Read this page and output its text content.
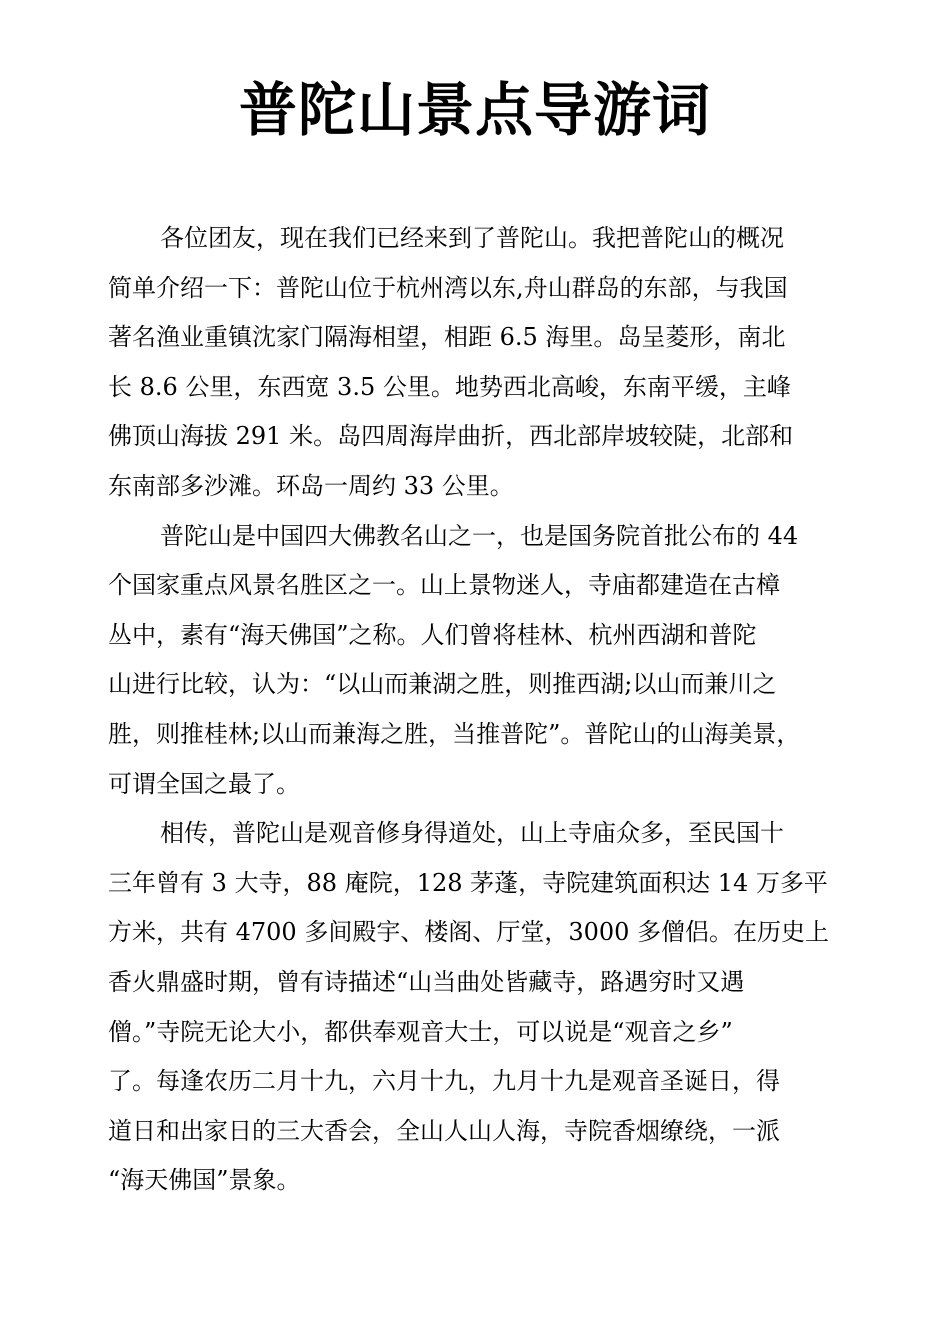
普陀山景点导游词

各位团友，现在我们已经来到了普陀山。我把普陀山的概况
简单介绍一下：普陀山位于杭州湾以东,舟山群岛的东部，与我国
著名渔业重镇沈家门隔海相望，相距 6.5 海里。岛呈菱形，南北
长 8.6 公里，东西宽 3.5 公里。地势西北高峻，东南平缓，主峰
佛顶山海拔 291 米。岛四周海岸曲折，西北部岸坡较陡，北部和
东南部多沙滩。环岛一周约 33 公里。

普陀山是中国四大佛教名山之一，也是国务院首批公布的 44
个国家重点风景名胜区之一。山上景物迷人，寺庙都建造在古樟
丛中，素有“海天佛国”之称。人们曾将桂林、杭州西湖和普陀
山进行比较，认为：“以山而兼湖之胜，则推西湖;以山而兼川之
胜，则推桂林;以山而兼海之胜，当推普陀”。普陀山的山海美景，
可谓全国之最了。

相传，普陀山是观音修身得道处，山上寺庙众多，至民国十
三年曾有 3 大寺，88 庵院，128 茅蓬，寺院建筑面积达 14 万多平
方米，共有 4700 多间殿宇、楼阁、厅堂，3000 多僧侣。在历史上
香火鼎盛时期，曾有诗描述“山当曲处皆藏寺，路遇穷时又遇
僧。”寺院无论大小，都供奉观音大士，可以说是“观音之乡”
了。每逢农历二月十九，六月十九，九月十九是观音圣诞日，得
道日和出家日的三大香会，全山人山人海，寺院香烟缭绕，一派
“海天佛国”景象。
